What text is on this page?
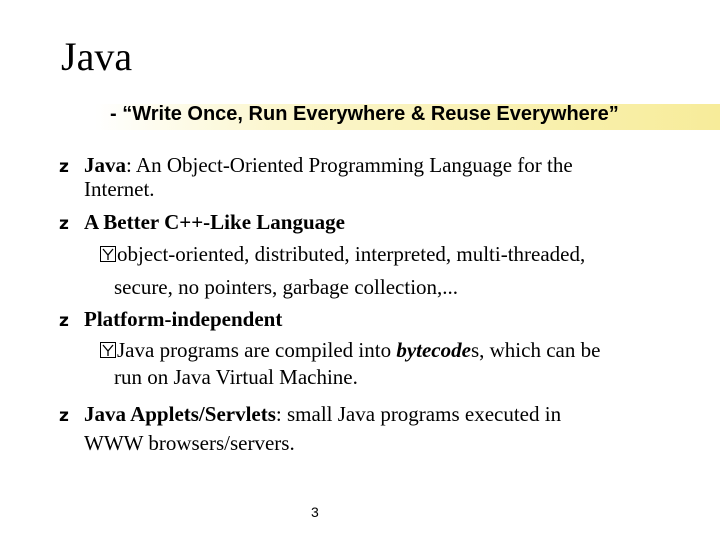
Java
- “Write Once, Run Everywhere & Reuse Everywhere”
z Java: An Object-Oriented Programming Language for the
Internet.
z A Better C++-Like Language
object-oriented, distributed, interpreted, multi-threaded,
secure, no pointers, garbage collection,...
z Platform-independent
Java programs are compiled into bytecodes, which can be
run on Java Virtual Machine.
z Java Applets/Servlets: small Java programs executed in
WWW browsers/servers.
3
